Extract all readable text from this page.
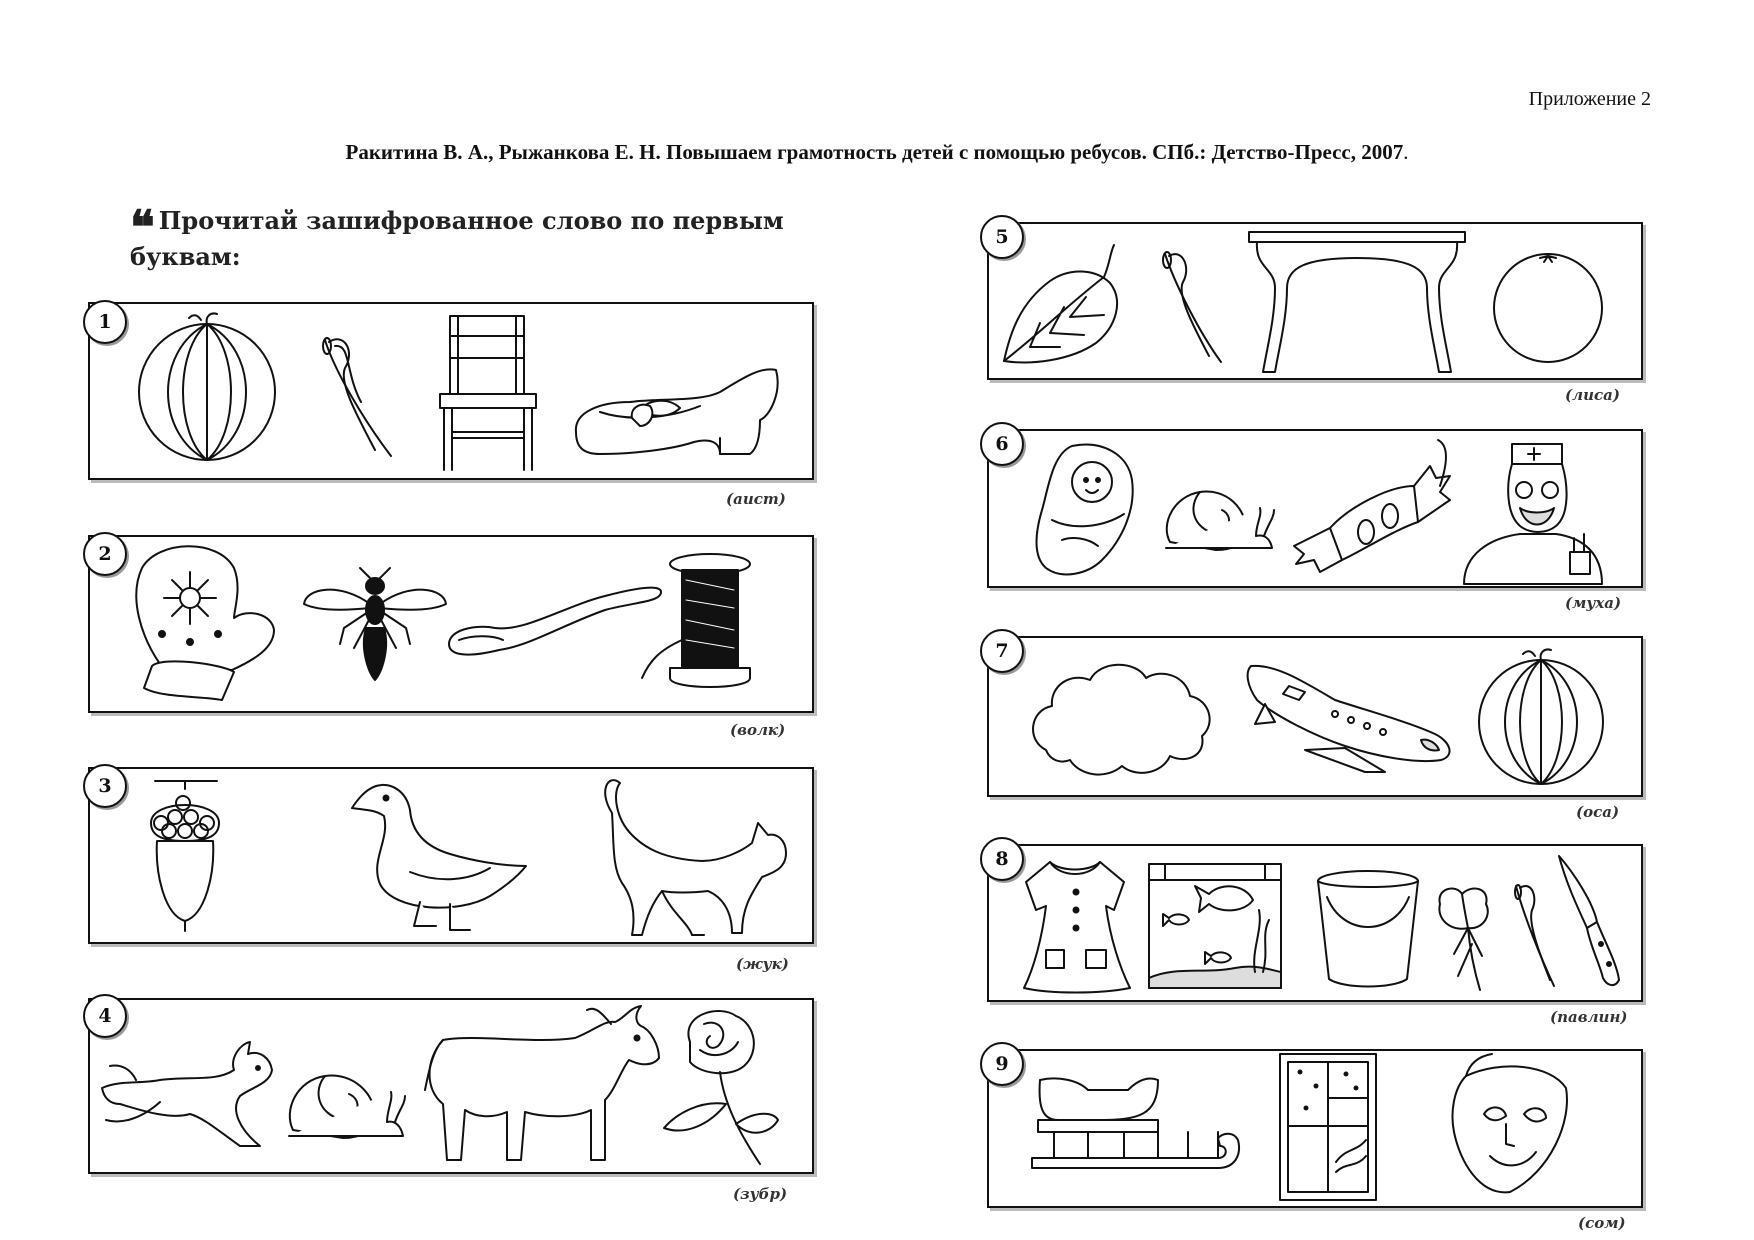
Приложение 2
Ракитина В. А., Рыжанкова Е. Н. Повышаем грамотность детей с помощью ребусов. СПб.: Детство-Пресс, 2007.
❝ Прочитай зашифрованное слово по первым буквам:
1
(аист)
2
(волк)
3
(жук)
4
(зубр)
5
(лиса)
6
(муха)
7
(оса)
8
(павлин)
9
(сом)
